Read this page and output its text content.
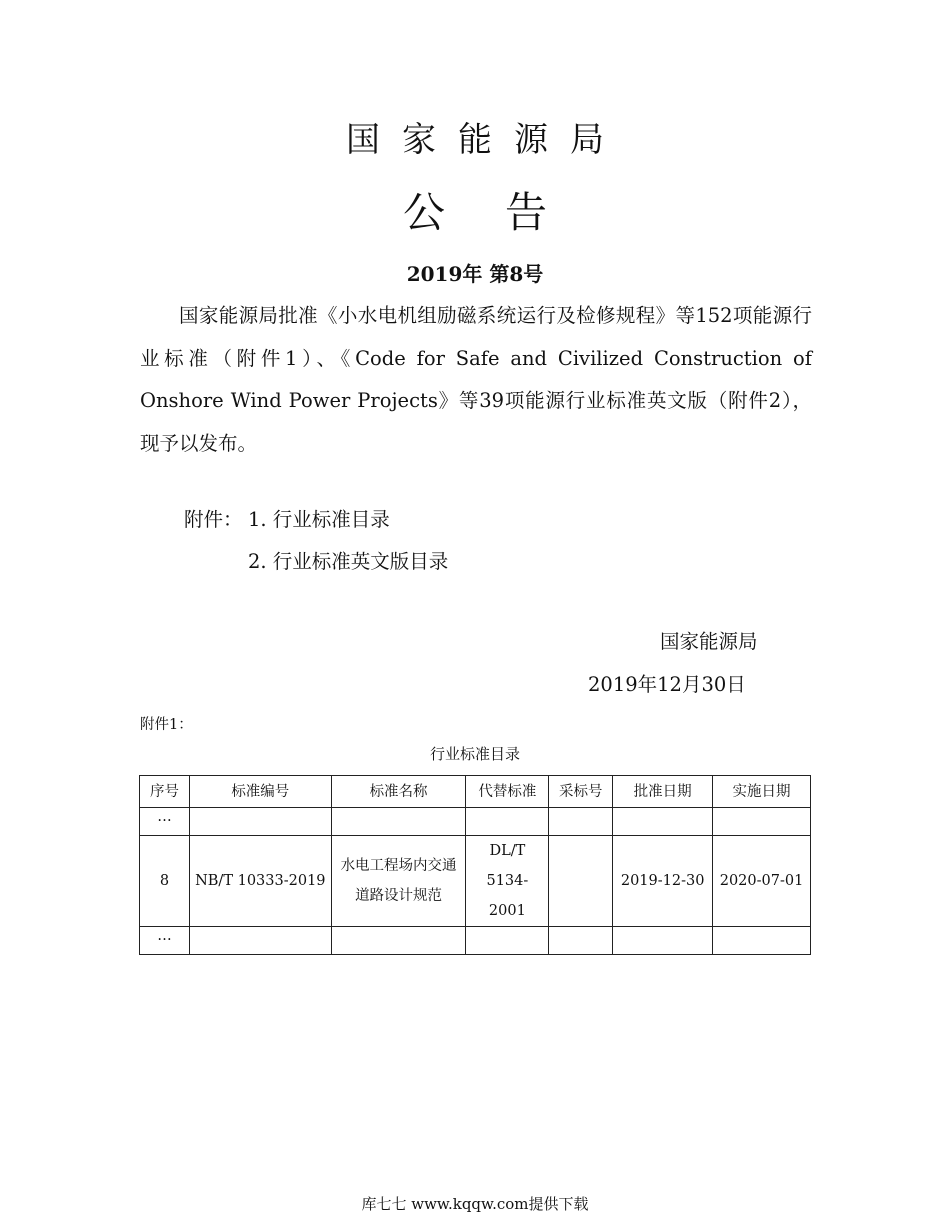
国家能源局
公告
2019年 第8号
国家能源局批准《小水电机组励磁系统运行及检修规程》等152项能源行业标准（附件1）、《Code for Safe and Civilized Construction of Onshore Wind Power Projects》等39项能源行业标准英文版（附件2），现予以发布。
附件： 1. 行业标准目录
2. 行业标准英文版目录
国家能源局
2019年12月30日
附件1：
行业标准目录
序号	标准编号	标准名称	代替标准	采标号	批准日期	实施日期
…						
8	NB/T 10333-2019	水电工程场内交通道路设计规范	DL/T 5134-2001		2019-12-30	2020-07-01
…						
库七七 www.kqqw.com提供下载
